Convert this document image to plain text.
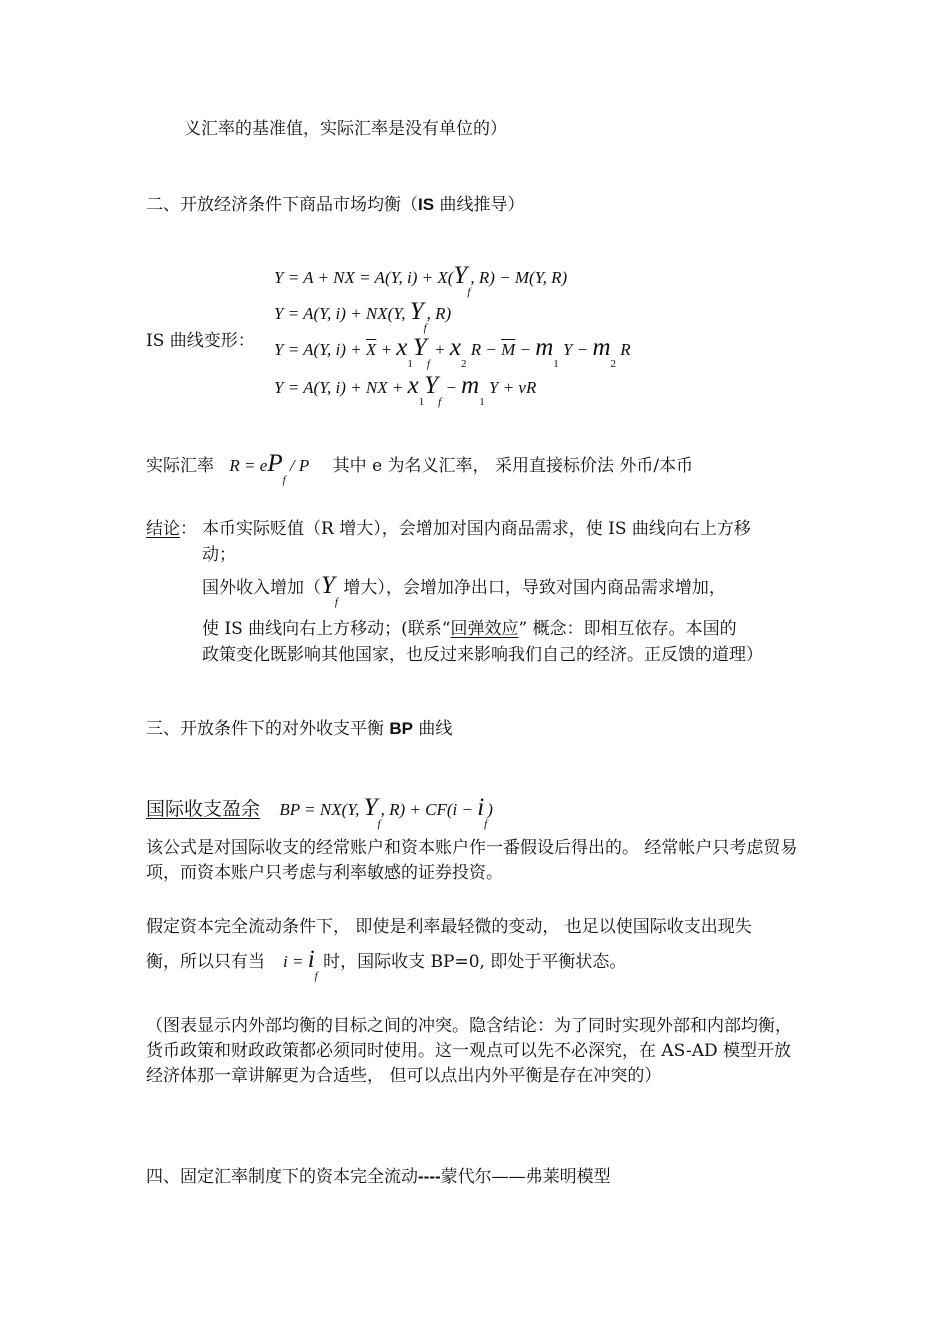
义汇率的基准值，实际汇率是没有单位的）
二、开放经济条件下商品市场均衡（IS 曲线推导）
IS 曲线变形：
Y = A + NX = A(Y, $i) + X(Y_f$, R) − M(Y, R)
Y = A(Y, i) + NX(Y, $Y_f$, R)
Y = A(Y, $i) + \overline{X} + x_1Y_f + x_2$ $R - \overline{M} - m_1$ $Y - m_2$ R
Y = A(Y, i) + NX + $x_1Y_f - m_1$ Y + vR
实际汇率 $R = eP_f / P$ 其中 e 为名义汇率， 采用直接标价法 外币/本币
结论： 本币实际贬值（R 增大），会增加对国内商品需求，使 IS 曲线向右上方移
动；
国外收入增加（$Y_f$ 增大），会增加净出口，导致对国内商品需求增加，
使 IS 曲线向右上方移动；(联系“回弹效应” 概念：即相互依存。本国的
政策变化既影响其他国家，也反过来影响我们自己的经济。正反馈的道理）
三、开放条件下的对外收支平衡 BP 曲线
国际收支盈余 BP = NX(Y, $Y_f$, $R) + CF(i - i_f)$
该公式是对国际收支的经常账户和资本账户作一番假设后得出的。 经常帐户只考虑贸易项，而资本账户只考虑与利率敏感的证券投资。
假定资本完全流动条件下， 即使是利率最轻微的变动， 也足以使国际收支出现失
衡，所以只有当 $i = i_f$ 时，国际收支 BP=0, 即处于平衡状态。
（图表显示内外部均衡的目标之间的冲突。隐含结论：为了同时实现外部和内部均衡，货币政策和财政政策都必须同时使用。这一观点可以先不必深究，在 AS-AD 模型开放经济体那一章讲解更为合适些， 但可以点出内外平衡是存在冲突的）
四、固定汇率制度下的资本完全流动----蒙代尔——弗莱明模型
